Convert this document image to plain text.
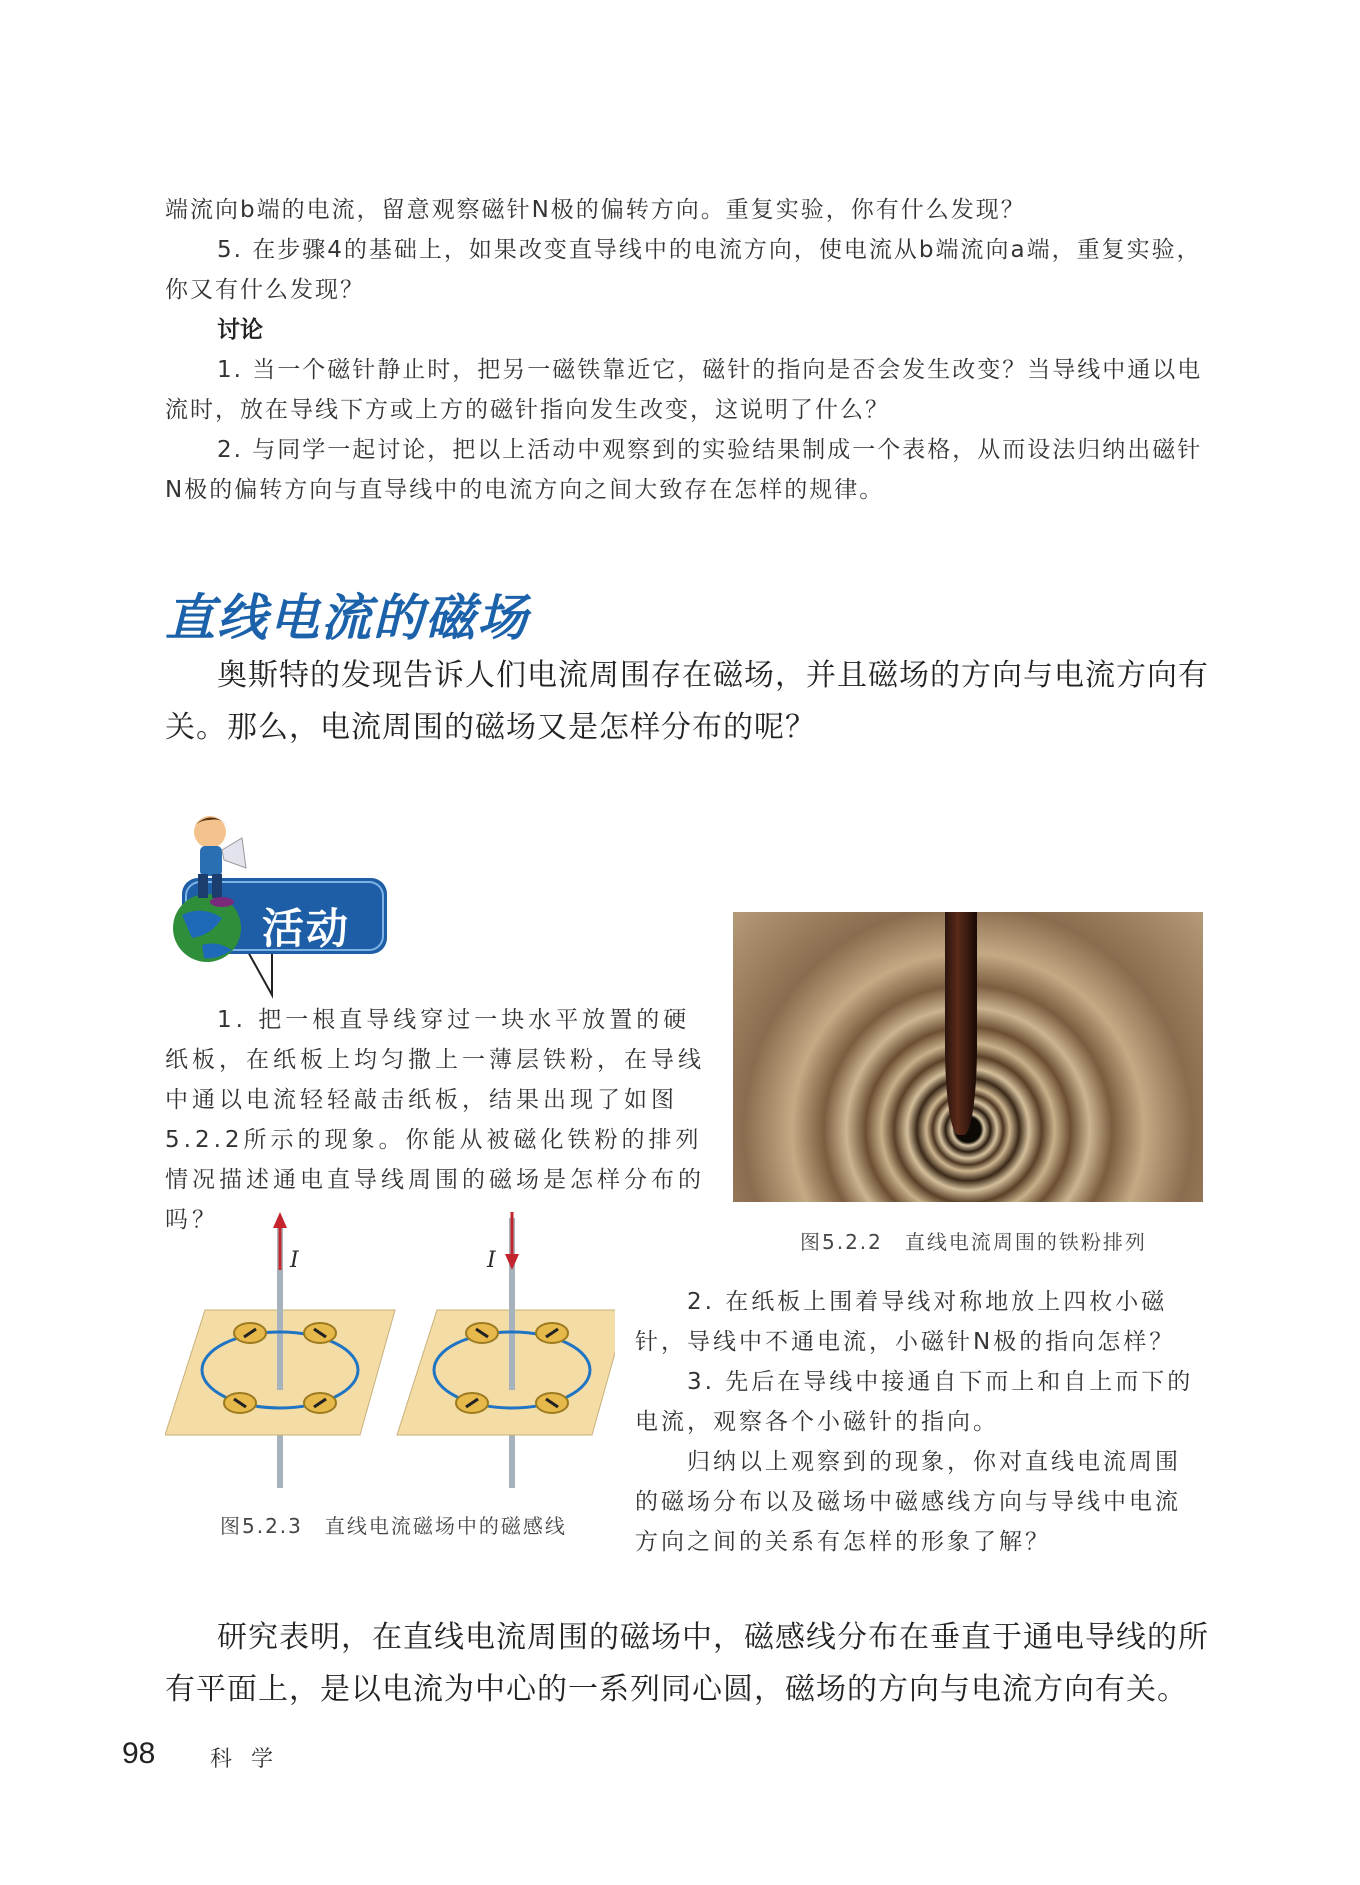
端流向b端的电流，留意观察磁针N极的偏转方向。重复实验，你有什么发现？

5. 在步骤4的基础上，如果改变直导线中的电流方向，使电流从b端流向a端，重复实验，你又有什么发现？

讨论

1. 当一个磁针静止时，把另一磁铁靠近它，磁针的指向是否会发生改变？当导线中通以电流时，放在导线下方或上方的磁针指向发生改变，这说明了什么？

2. 与同学一起讨论，把以上活动中观察到的实验结果制成一个表格，从而设法归纳出磁针N极的偏转方向与直导线中的电流方向之间大致存在怎样的规律。

直线电流的磁场

奥斯特的发现告诉人们电流周围存在磁场，并且磁场的方向与电流方向有关。那么，电流周围的磁场又是怎样分布的呢？

活动

1. 把一根直导线穿过一块水平放置的硬纸板，在纸板上均匀撒上一薄层铁粉，在导线中通以电流轻轻敲击纸板，结果出现了如图5.2.2所示的现象。你能从被磁化铁粉的排列情况描述通电直导线周围的磁场是怎样分布的吗？

图5.2.2　直线电流周围的铁粉排列
I	I
图5.2.3　直线电流磁场中的磁感线

2. 在纸板上围着导线对称地放上四枚小磁针，导线中不通电流，小磁针N极的指向怎样？

3. 先后在导线中接通自下而上和自上而下的电流，观察各个小磁针的指向。

归纳以上观察到的现象，你对直线电流周围的磁场分布以及磁场中磁感线方向与导线中电流方向之间的关系有怎样的形象了解？

研究表明，在直线电流周围的磁场中，磁感线分布在垂直于通电导线的所有平面上，是以电流为中心的一系列同心圆，磁场的方向与电流方向有关。

98 科 学
